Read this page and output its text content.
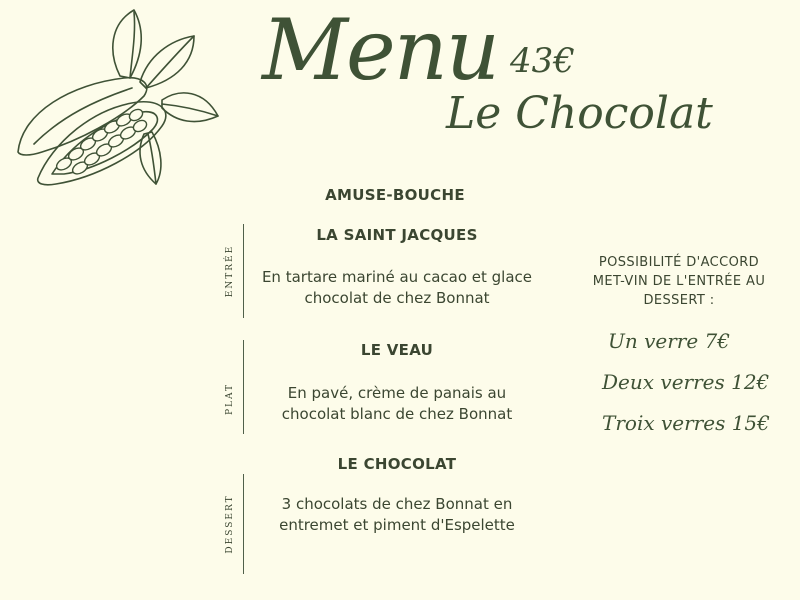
Menu 43€
Le Chocolat
AMUSE-BOUCHE
ENTRÉE
LA SAINT JACQUES
En tartare mariné au cacao et glace
chocolat de chez Bonnat
PLAT
LE VEAU
En pavé, crème de panais au
chocolat blanc de chez Bonnat
LE CHOCOLAT
DESSERT	3 chocolats de chez Bonnat en
entremet et piment d'Espelette
POSSIBILITÉ D'ACCORD
MET-VIN DE L'ENTRÉE AU
DESSERT :
Un verre 7€
Deux verres 12€
Troix verres 15€
